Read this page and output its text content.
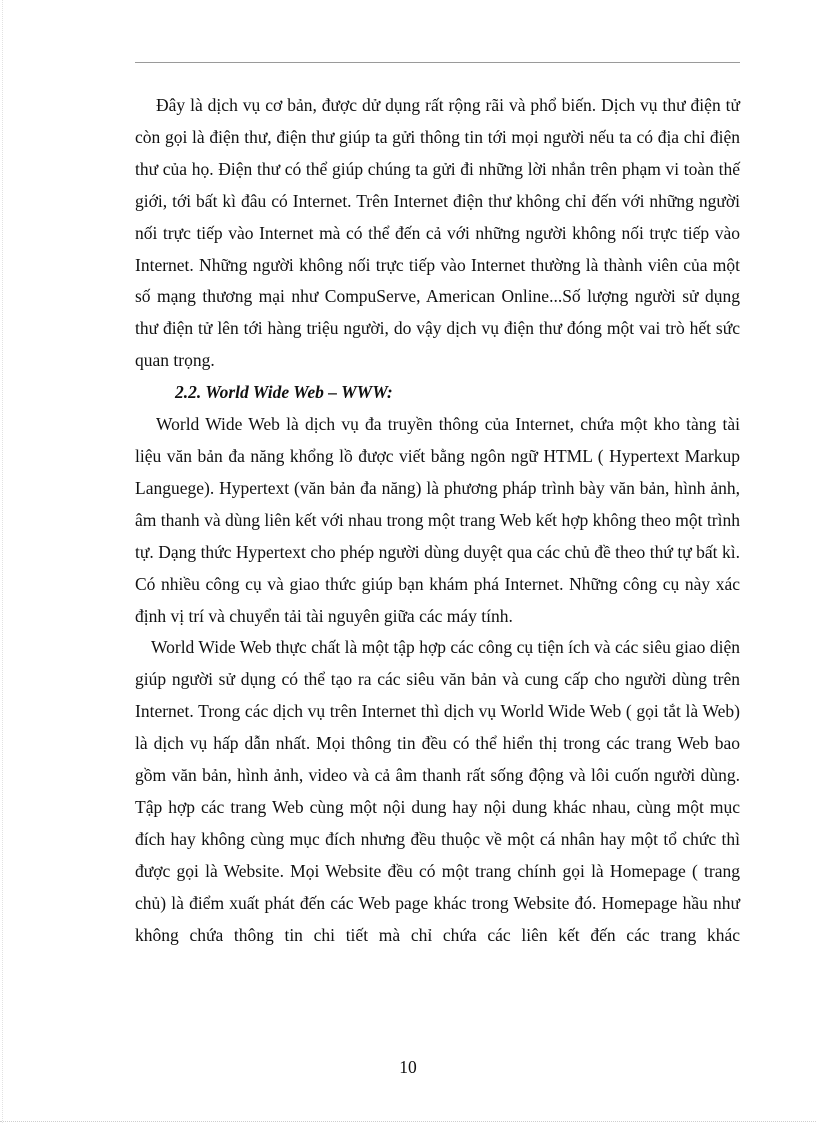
Đây là dịch vụ cơ bản, được dử dụng rất rộng rãi và phổ biến. Dịch vụ thư điện tử còn gọi là điện thư, điện thư giúp ta gửi thông tin tới mọi người nếu ta có địa chỉ điện thư của họ. Điện thư có thể giúp chúng ta gửi đi những lời nhắn trên phạm vi toàn thế giới, tới bất kì đâu có Internet. Trên Internet điện thư không chỉ đến với những người nối trực tiếp vào Internet mà có thể đến cả với những người không nối trực tiếp vào Internet. Những người không nối trực tiếp vào Internet thường là thành viên của một số mạng thương mại như CompuServe, American Online...Số lượng người sử dụng thư điện tử lên tới hàng triệu người, do vậy dịch vụ điện thư đóng một vai trò hết sức quan trọng.

2.2. World Wide Web – WWW:

World Wide Web là dịch vụ đa truyền thông của Internet, chứa một kho tàng tài liệu văn bản đa năng khổng lồ được viết bằng ngôn ngữ HTML ( Hypertext Markup Languege). Hypertext (văn bản đa năng) là phương pháp trình bày văn bản, hình ảnh, âm thanh và dùng liên kết với nhau trong một trang Web kết hợp không theo một trình tự. Dạng thức Hypertext cho phép người dùng duyệt qua các chủ đề theo thứ tự bất kì. Có nhiều công cụ và giao thức giúp bạn khám phá Internet. Những công cụ này xác định vị trí và chuyển tải tài nguyên giữa các máy tính.

World Wide Web thực chất là một tập hợp các công cụ tiện ích và các siêu giao diện giúp người sử dụng có thể tạo ra các siêu văn bản và cung cấp cho người dùng trên Internet. Trong các dịch vụ trên Internet thì dịch vụ World Wide Web ( gọi tắt là Web) là dịch vụ hấp dẫn nhất. Mọi thông tin đều có thể hiển thị trong các trang Web bao gồm văn bản, hình ảnh, video và cả âm thanh rất sống động và lôi cuốn người dùng. Tập hợp các trang Web cùng một nội dung hay nội dung khác nhau, cùng một mục đích hay không cùng mục đích nhưng đều thuộc về một cá nhân hay một tổ chức thì được gọi là Website. Mọi Website đều có một trang chính gọi là Homepage ( trang chủ) là điểm xuất phát đến các Web page khác trong Website đó. Homepage hầu như không chứa thông tin chi tiết mà chỉ chứa các liên kết đến các trang khác

10
